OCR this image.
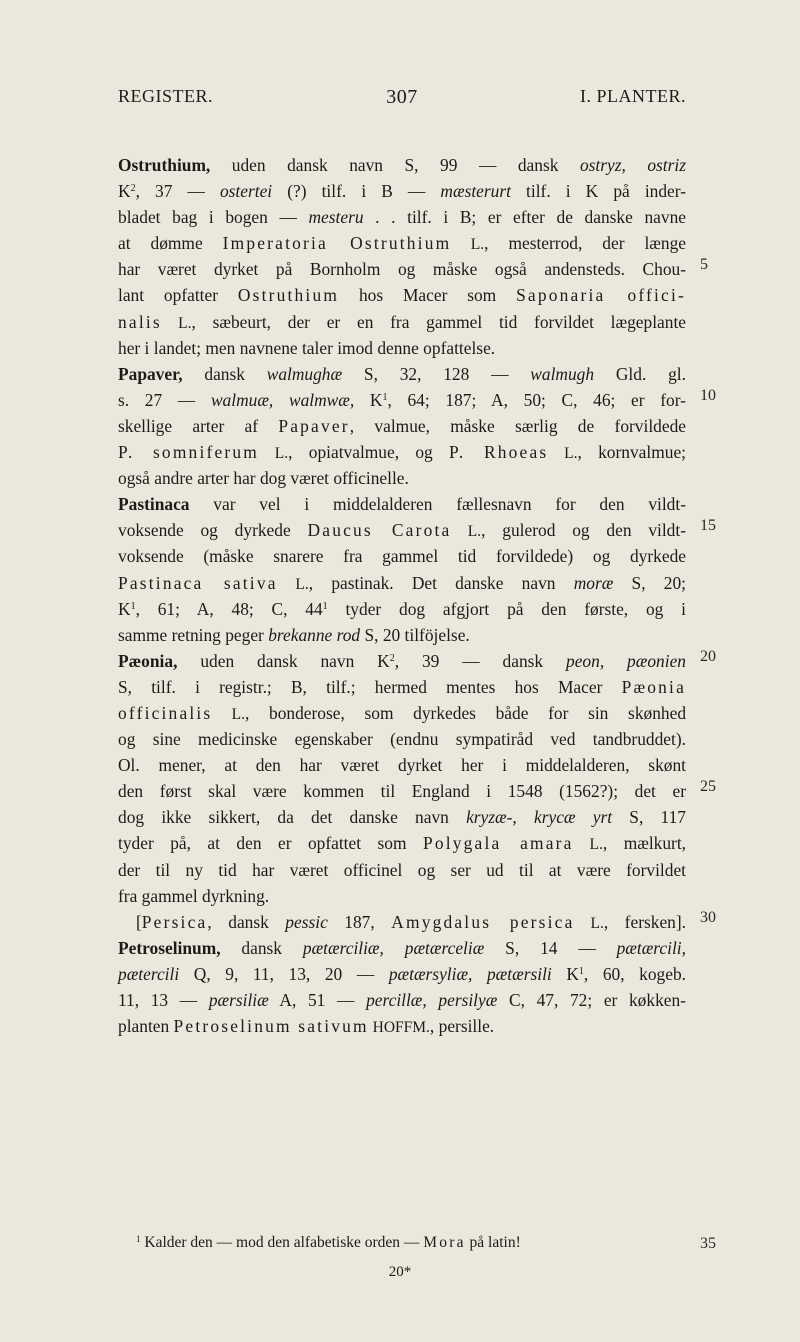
REGISTER.	307	I. PLANTER.
Ostruthium, uden dansk navn S, 99 — dansk ostryz, ostriz
$K^2$, 37 — ostertei (?) tilf. i B — mæsterurt tilf. i K på inder-
bladet bag i bogen — mesteru . . tilf. i B; er efter de danske navne
at dømme Imperatoria Ostruthium L., mesterrod, der længe
har været dyrket på Bornholm og måske også andensteds. Chou-
lant opfatter Ostruthium hos Macer som Saponaria offici-
nalis L., sæbeurt, der er en fra gammel tid forvildet lægeplante
her i landet; men navnene taler imod denne opfattelse.
Papaver, dansk walmughæ S, 32, 128 — walmugh Gld. gl.
s. 27 — walmuæ, walmwæ, $K^1$, 64; 187; A, 50; C, 46; er for-
skellige arter af Papaver, valmue, måske særlig de forvildede
P. somniferum L., opiatvalmue, og P. Rhoeas L., kornvalmue;
også andre arter har dog været officinelle.
Pastinaca var vel i middelalderen fællesnavn for den vildt-
voksende og dyrkede Daucus Carota L., gulerod og den vildt-
voksende (måske snarere fra gammel tid forvildede) og dyrkede
Pastinaca sativa L., pastinak. Det danske navn moræ S, 20;
$K^1$, 61; A, 48; C, $44^1$ tyder dog afgjort på den første, og i
samme retning peger brekanne rod S, 20 tilföjelse.
Pæonia, uden dansk navn $K^2$, 39 — dansk peon, pæonien
S, tilf. i registr.; B, tilf.; hermed mentes hos Macer Pæonia
officinalis L., bonderose, som dyrkedes både for sin skønhed
og sine medicinske egenskaber (endnu sympatiråd ved tandbruddet).
Ol. mener, at den har været dyrket her i middelalderen, skønt
den først skal være kommen til England i 1548 (1562?); det er
dog ikke sikkert, da det danske navn kryzæ-, krycæ yrt S, 117
tyder på, at den er opfattet som Polygala amara L., mælkurt,
der til ny tid har været officinel og ser ud til at være forvildet
fra gammel dyrkning.
[Persica, dansk pessic 187, Amygdalus persica L., fersken].
Petroselinum, dansk pætærciliæ, pætærceliæ S, 14 — pætærcili,
pætercili Q, 9, 11, 13, 20 — pætærsyliæ, pætærsili $K^1$, 60, kogeb.
11, 13 — pærsiliæ A, 51 — percillæ, persilyæ C, 47, 72; er køkken-
planten Petroselinum sativum HOFFM., persille.
5
10
15
20
25
30
35
$^1$ Kalder den — mod den alfabetiske orden — Mora på latin!
20*
